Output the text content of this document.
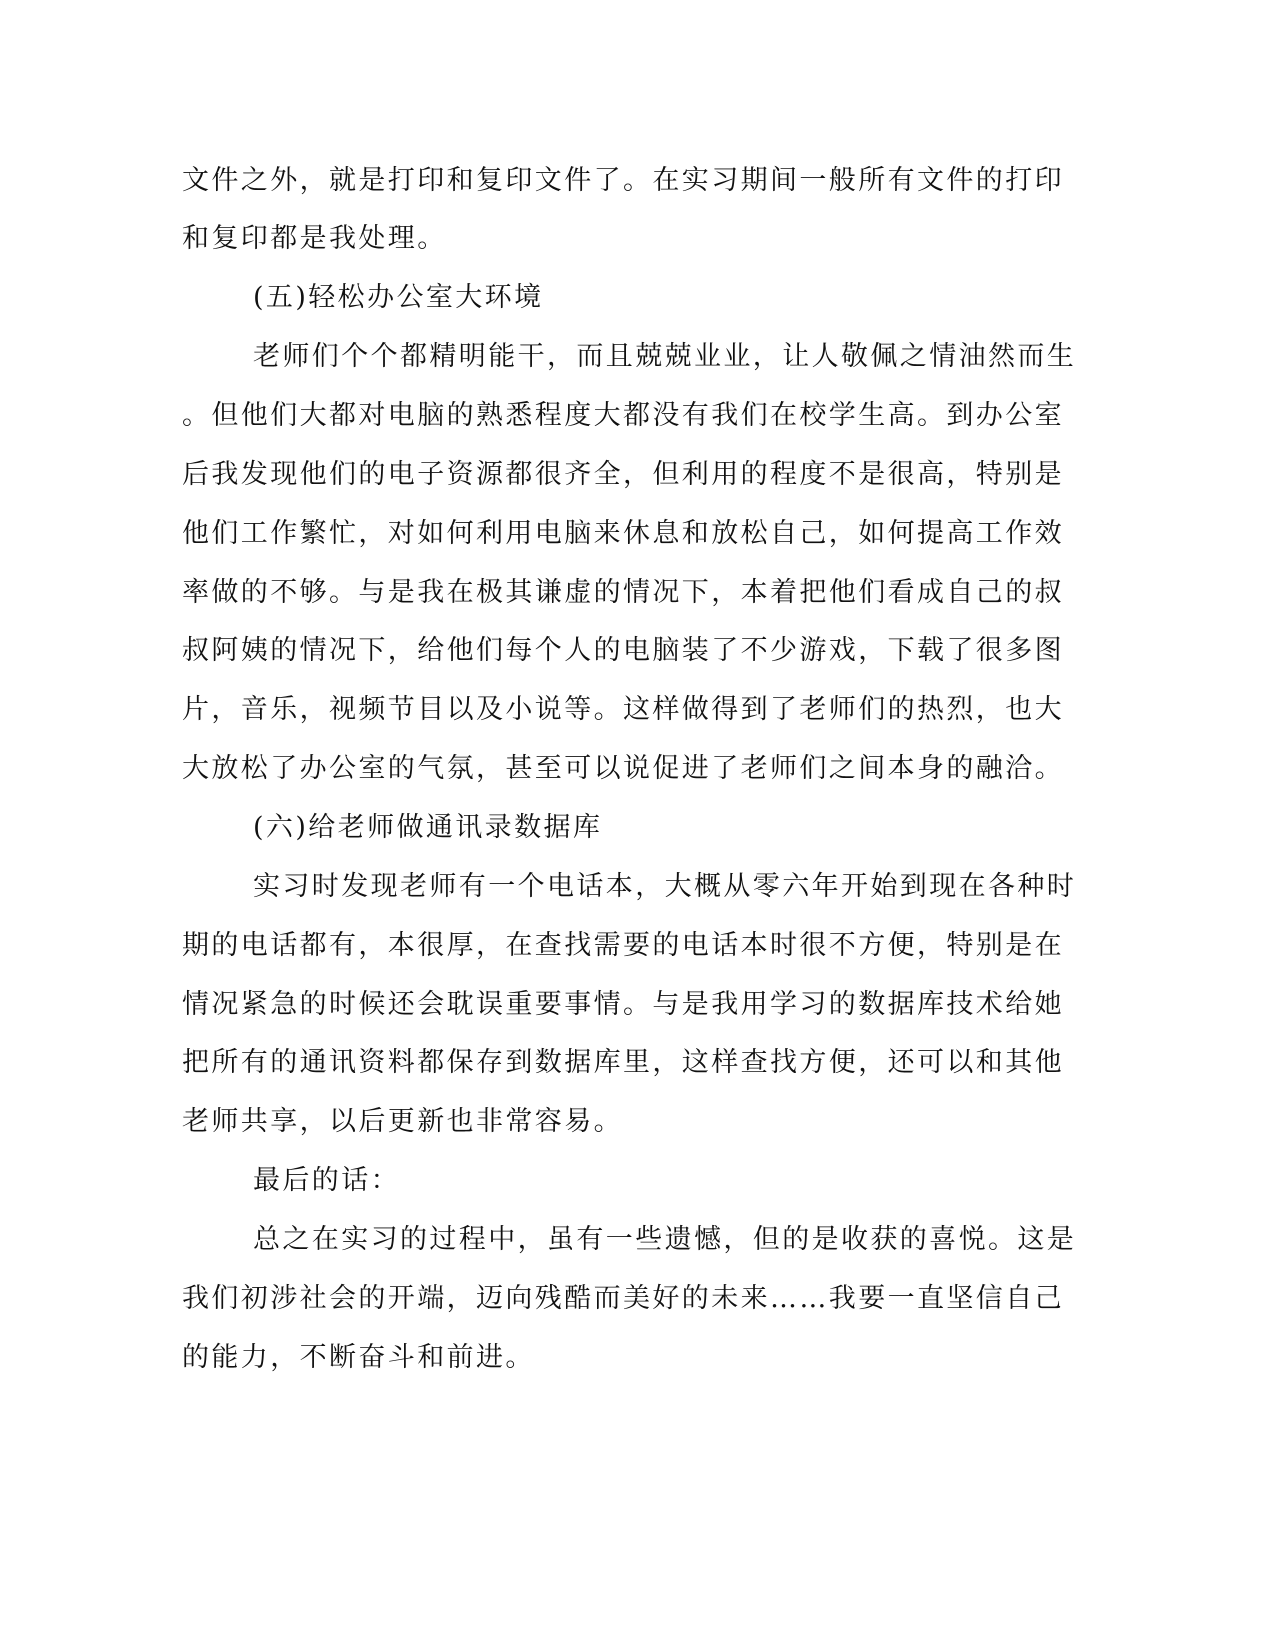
文件之外，就是打印和复印文件了。在实习期间一般所有文件的打印

和复印都是我处理。

(五)轻松办公室大环境

老师们个个都精明能干，而且兢兢业业，让人敬佩之情油然而生

。但他们大都对电脑的熟悉程度大都没有我们在校学生高。到办公室

后我发现他们的电子资源都很齐全，但利用的程度不是很高，特别是

他们工作繁忙，对如何利用电脑来休息和放松自己，如何提高工作效

率做的不够。与是我在极其谦虚的情况下，本着把他们看成自己的叔

叔阿姨的情况下，给他们每个人的电脑装了不少游戏，下载了很多图

片，音乐，视频节目以及小说等。这样做得到了老师们的热烈，也大

大放松了办公室的气氛，甚至可以说促进了老师们之间本身的融洽。

(六)给老师做通讯录数据库

实习时发现老师有一个电话本，大概从零六年开始到现在各种时

期的电话都有，本很厚，在查找需要的电话本时很不方便，特别是在

情况紧急的时候还会耽误重要事情。与是我用学习的数据库技术给她

把所有的通讯资料都保存到数据库里，这样查找方便，还可以和其他

老师共享，以后更新也非常容易。

最后的话：

总之在实习的过程中，虽有一些遗憾，但的是收获的喜悦。这是

我们初涉社会的开端，迈向残酷而美好的未来……我要一直坚信自己

的能力，不断奋斗和前进。
